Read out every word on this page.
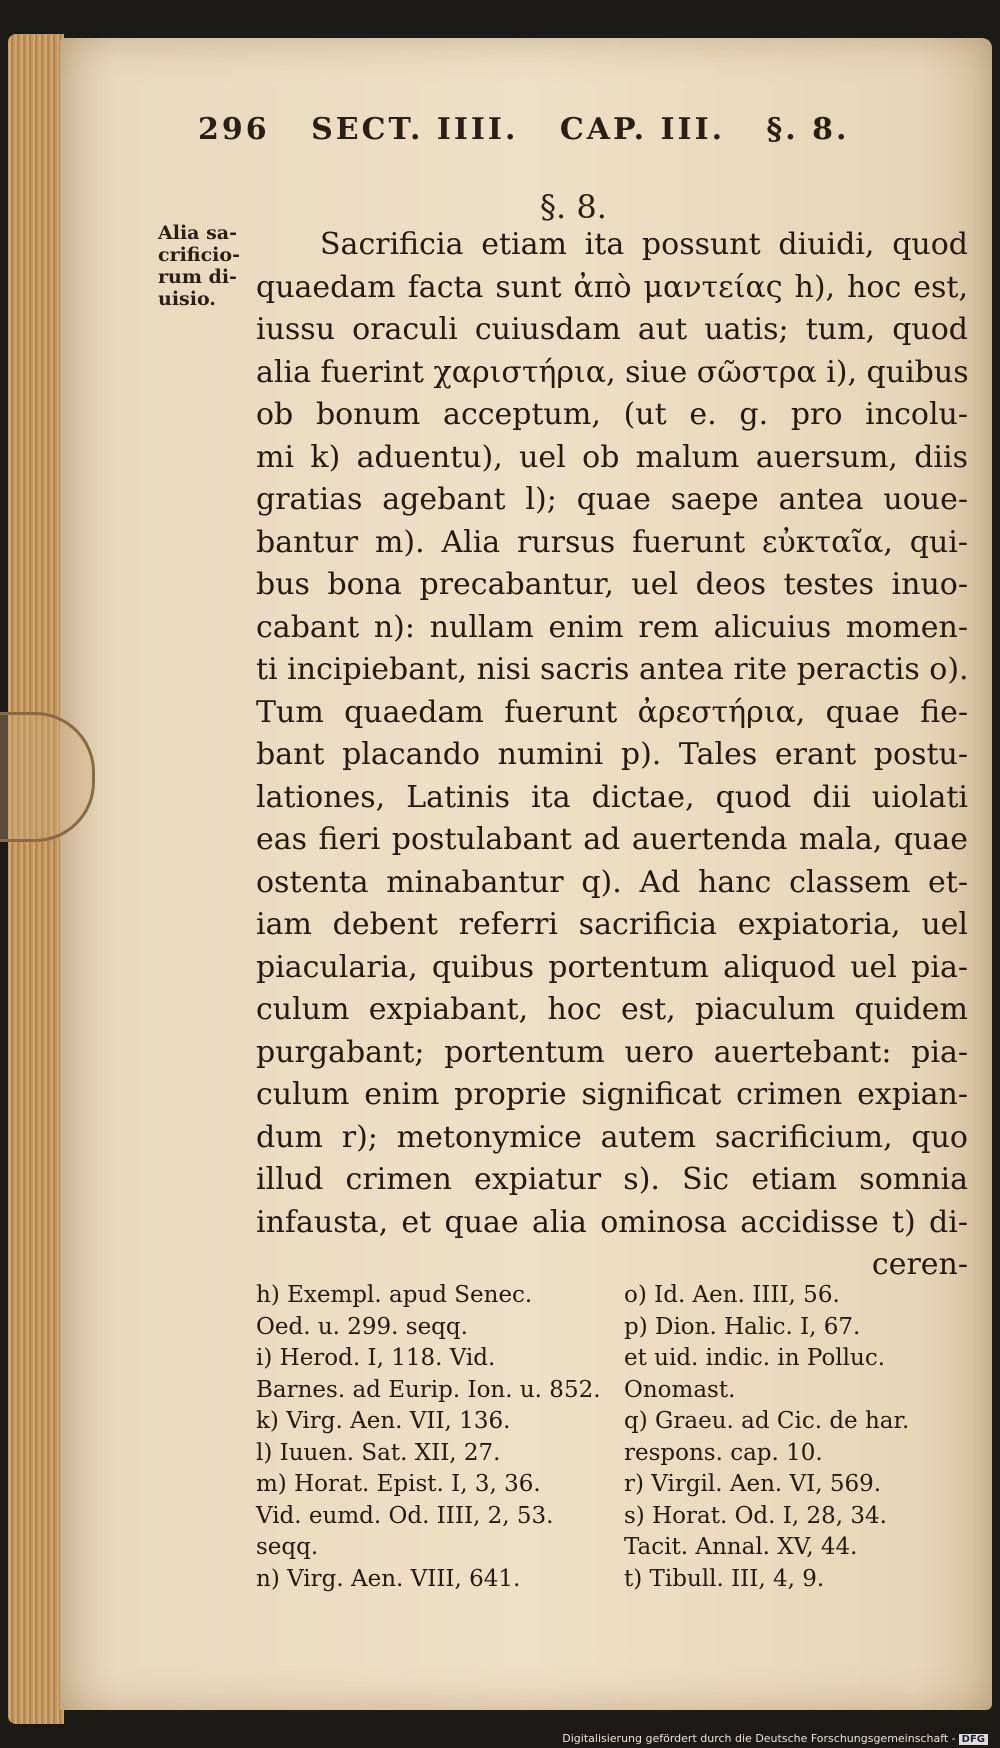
296 SECT. IIII. CAP. III. §. 8.
§. 8.
Alia sa-
crificio-
rum di-
uisio.
Sacrificia etiam ita possunt diuidi, quod
quaedam facta sunt ἀπὸ μαντείας h), hoc est,
iussu oraculi cuiusdam aut uatis; tum, quod
alia fuerint χαριστήρια, siue σῶστρα i), quibus
ob bonum acceptum, (ut e. g. pro incolu-
mi k) aduentu), uel ob malum auersum, diis
gratias agebant l); quae saepe antea uoue-
bantur m). Alia rursus fuerunt εὐκταῖα, qui-
bus bona precabantur, uel deos testes inuo-
cabant n): nullam enim rem alicuius momen-
ti incipiebant, nisi sacris antea rite peractis o).
Tum quaedam fuerunt ἀρεστήρια, quae fie-
bant placando numini p). Tales erant postu-
lationes, Latinis ita dictae, quod dii uiolati
eas fieri postulabant ad auertenda mala, quae
ostenta minabantur q). Ad hanc classem et-
iam debent referri sacrificia expiatoria, uel
piacularia, quibus portentum aliquod uel pia-
culum expiabant, hoc est, piaculum quidem
purgabant; portentum uero auertebant: pia-
culum enim proprie significat crimen expian-
dum r); metonymice autem sacrificium, quo
illud crimen expiatur s). Sic etiam somnia
infausta, et quae alia ominosa accidisse t) di-
ceren-
h) Exempl. apud Senec.
Oed. u. 299. seqq.
i) Herod. I, 118. Vid.
Barnes. ad Eurip. Ion. u. 852.
k) Virg. Aen. VII, 136.
l) Iuuen. Sat. XII, 27.
m) Horat. Epist. I, 3, 36.
Vid. eumd. Od. IIII, 2, 53.
seqq.
n) Virg. Aen. VIII, 641.
o) Id. Aen. IIII, 56.
p) Dion. Halic. I, 67.
et uid. indic. in Polluc.
Onomast.
q) Graeu. ad Cic. de har.
respons. cap. 10.
r) Virgil. Aen. VI, 569.
s) Horat. Od. I, 28, 34.
Tacit. Annal. XV, 44.
t) Tibull. III, 4, 9.
Digitalisierung gefördert durch die Deutsche Forschungsgemeinschaft - DFG
